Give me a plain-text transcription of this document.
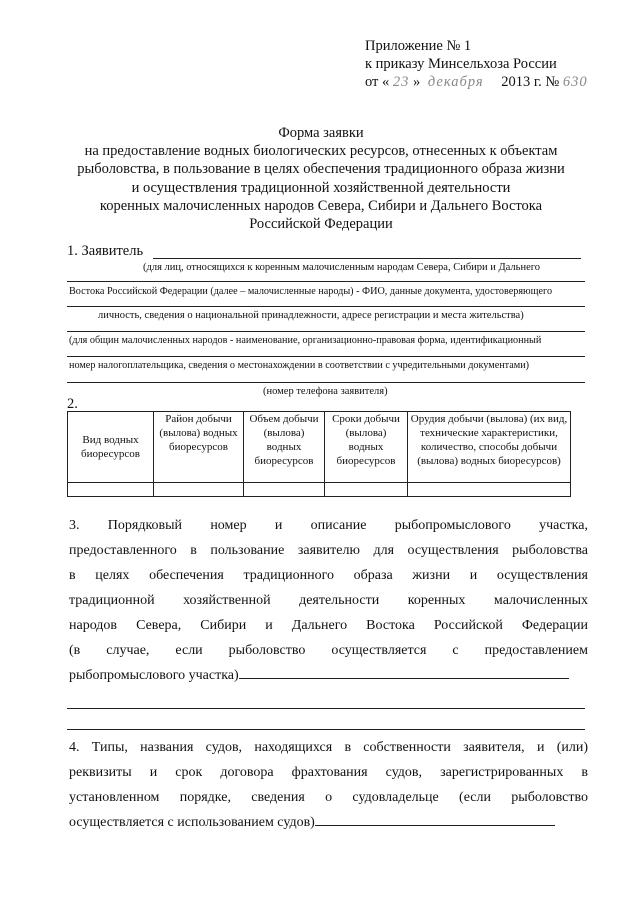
Приложение № 1
к приказу Минсельхоза России
от « 23 » декабря 2013 г. № 630
Форма заявки
на предоставление водных биологических ресурсов, отнесенных к объектам
рыболовства, в пользование в целях обеспечения традиционного образа жизни
и осуществления традиционной хозяйственной деятельности
коренных малочисленных народов Севера, Сибири и Дальнего Востока
Российской Федерации
1. Заявитель
(для лиц, относящихся к коренным малочисленным народам Севера, Сибири и Дальнего
Востока Российской Федерации (далее – малочисленные народы) - ФИО, данные документа, удостоверяющего
личность, сведения о национальной принадлежности, адресе регистрации и места жительства)
(для общин малочисленных народов - наименование, организационно-правовая форма, идентификационный
номер налогоплательщика, сведения о местонахождении в соответствии с учредительными документами)
(номер телефона заявителя)
2.
Вид водных биоресурсов	Район добычи (вылова) водных биоресурсов	Объем добычи (вылова) водных биоресурсов	Сроки добычи (вылова) водных биоресурсов	Орудия добычи (вылова) (их вид, технические характеристики, количество, способы добычи (вылова) водных биоресурсов)

3. Порядковый номер и описание рыбопромыслового участка,
предоставленного в пользование заявителю для осуществления рыболовства
в целях обеспечения традиционного образа жизни и осуществления
традиционной хозяйственной деятельности коренных малочисленных
народов Севера, Сибири и Дальнего Востока Российской Федерации
(в случае, если рыболовство осуществляется с предоставлением
рыбопромыслового участка)
4. Типы, названия судов, находящихся в собственности заявителя, и (или)
реквизиты и срок договора фрахтования судов, зарегистрированных в
установленном порядке, сведения о судовладельце (если рыболовство
осуществляется с использованием судов)
